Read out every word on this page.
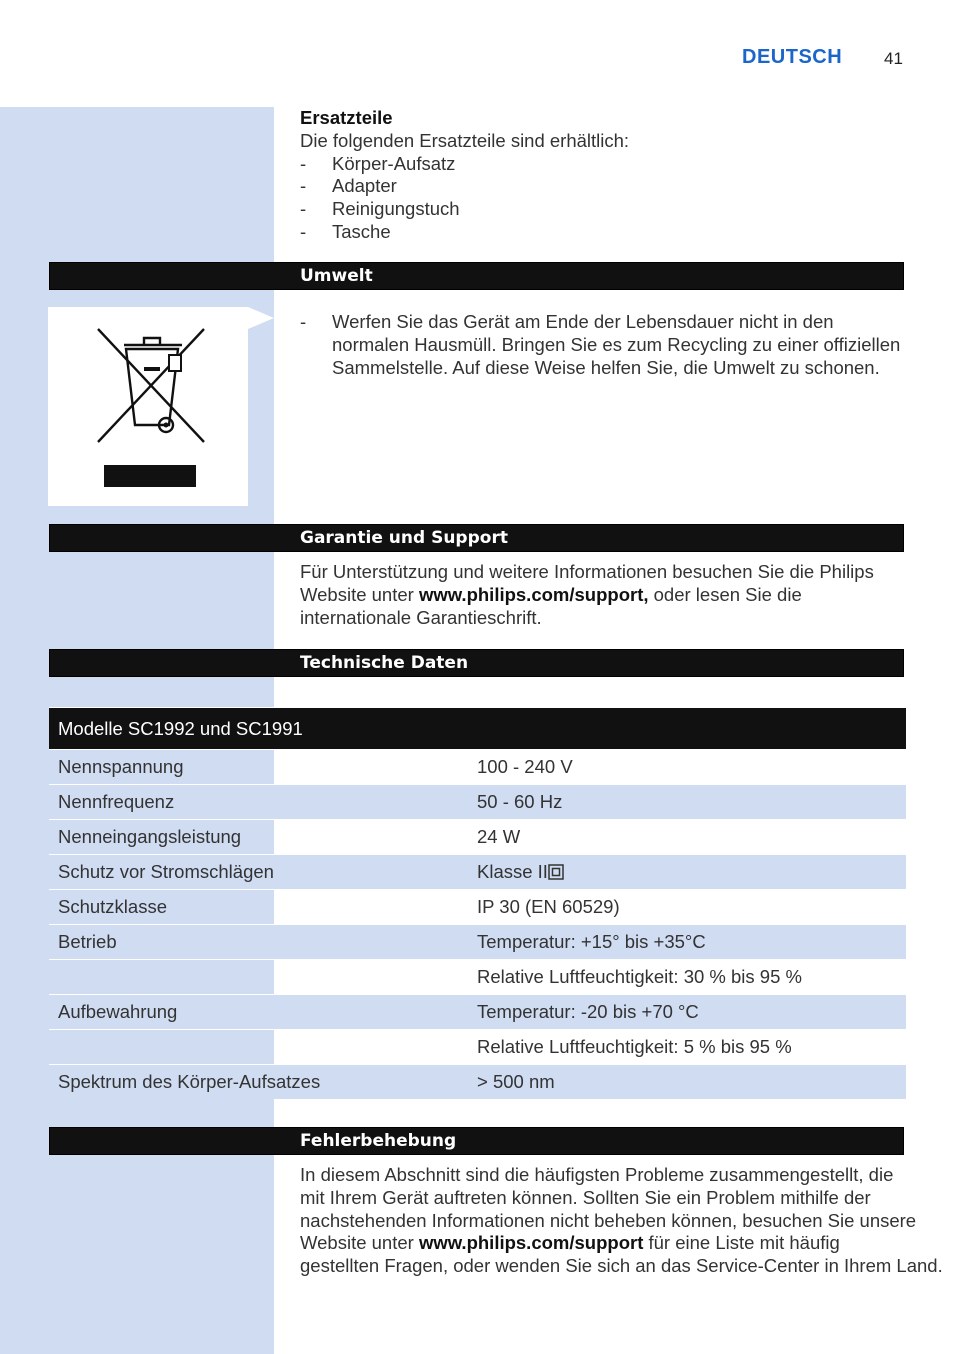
DEUTSCH 41
Ersatzteile
Die folgenden Ersatzteile sind erhältlich:
- Körper-Aufsatz
- Adapter
- Reinigungstuch
- Tasche
Umwelt
- Werfen Sie das Gerät am Ende der Lebensdauer nicht in den
normalen Hausmüll. Bringen Sie es zum Recycling zu einer offiziellen
Sammelstelle. Auf diese Weise helfen Sie, die Umwelt zu schonen.
Garantie und Support
Für Unterstützung und weitere Informationen besuchen Sie die Philips
Website unter www.philips.com/support, oder lesen Sie die
internationale Garantieschrift.
Technische Daten
Modelle SC1992 und SC1991	
Nennspannung	100 - 240 V
Nennfrequenz	50 - 60 Hz
Nenneingangsleistung	24 W
Schutz vor Stromschlägen	Klasse II
Schutzklasse	IP 30 (EN 60529)
Betrieb	Temperatur: +15° bis +35°C
	Relative Luftfeuchtigkeit: 30 % bis 95 %
Aufbewahrung	Temperatur: -20 bis +70 °C
	Relative Luftfeuchtigkeit: 5 % bis 95 %
Spektrum des Körper-Aufsatzes	> 500 nm
Fehlerbehebung
In diesem Abschnitt sind die häufigsten Probleme zusammengestellt, die
mit Ihrem Gerät auftreten können. Sollten Sie ein Problem mithilfe der
nachstehenden Informationen nicht beheben können, besuchen Sie unsere
Website unter www.philips.com/support für eine Liste mit häufig
gestellten Fragen, oder wenden Sie sich an das Service-Center in Ihrem Land.
